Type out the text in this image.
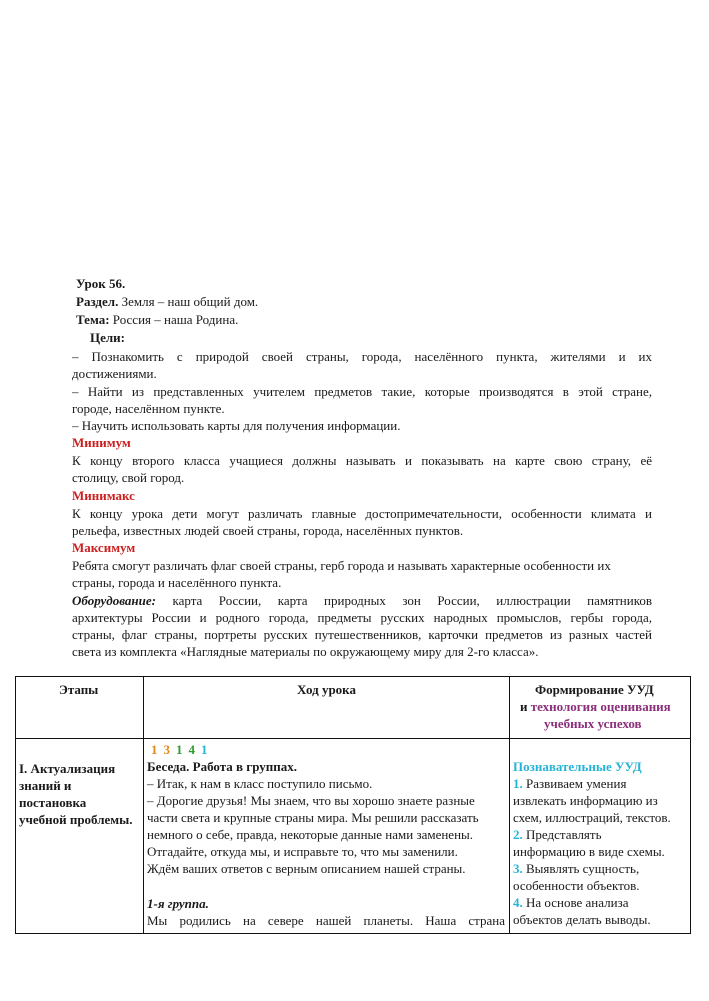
Урок 56.
Раздел. Земля – наш общий дом.
Тема: Россия – наша Родина.
Цели:
– Познакомить с природой своей страны, города, населённого пункта, жителями и их
достижениями.
– Найти из представленных учителем предметов такие, которые производятся в этой стране,
городе, населённом пункте.
– Научить использовать карты для получения информации.
Минимум
К концу второго класса учащиеся должны называть и показывать на карте свою страну, её
столицу, свой город.
Минимакс
К концу урока дети могут различать главные достопримечательности, особенности климата и
рельефа, известных людей своей страны, города, населённых пунктов.
Максимум
Ребята смогут различать флаг своей страны, герб города и называть характерные особенности их
страны, города и населённого пункта.
Оборудование: карта России, карта природных зон России, иллюстрации памятников
архитектуры России и родного города, предметы русских народных промыслов, гербы города,
страны, флаг страны, портреты русских путешественников, карточки предметов из разных частей
света из комплекта «Наглядные материалы по окружающему миру для 2-го класса».
Этапы	Ход урока	Формирование УУД
и технология оценивания
учебных успехов
I. Актуализация
знаний и
постановка
учебной проблемы.
1 3 1 4 1
Беседа. Работа в группах.
– Итак, к нам в класс поступило письмо.
– Дорогие друзья! Мы знаем, что вы хорошо знаете разные
части света и крупные страны мира. Мы решили рассказать
немного о себе, правда, некоторые данные нами заменены.
Отгадайте, откуда мы, и исправьте то, что мы заменили.
Ждём ваших ответов с верным описанием нашей страны.
1-я группа.
Мы родились на севере нашей планеты. Наша страна
Познавательные УУД
1. Развиваем умения
извлекать информацию из
схем, иллюстраций, текстов.
2. Представлять
информацию в виде схемы.
3. Выявлять сущность,
особенности объектов.
4. На основе анализа
объектов делать выводы.
